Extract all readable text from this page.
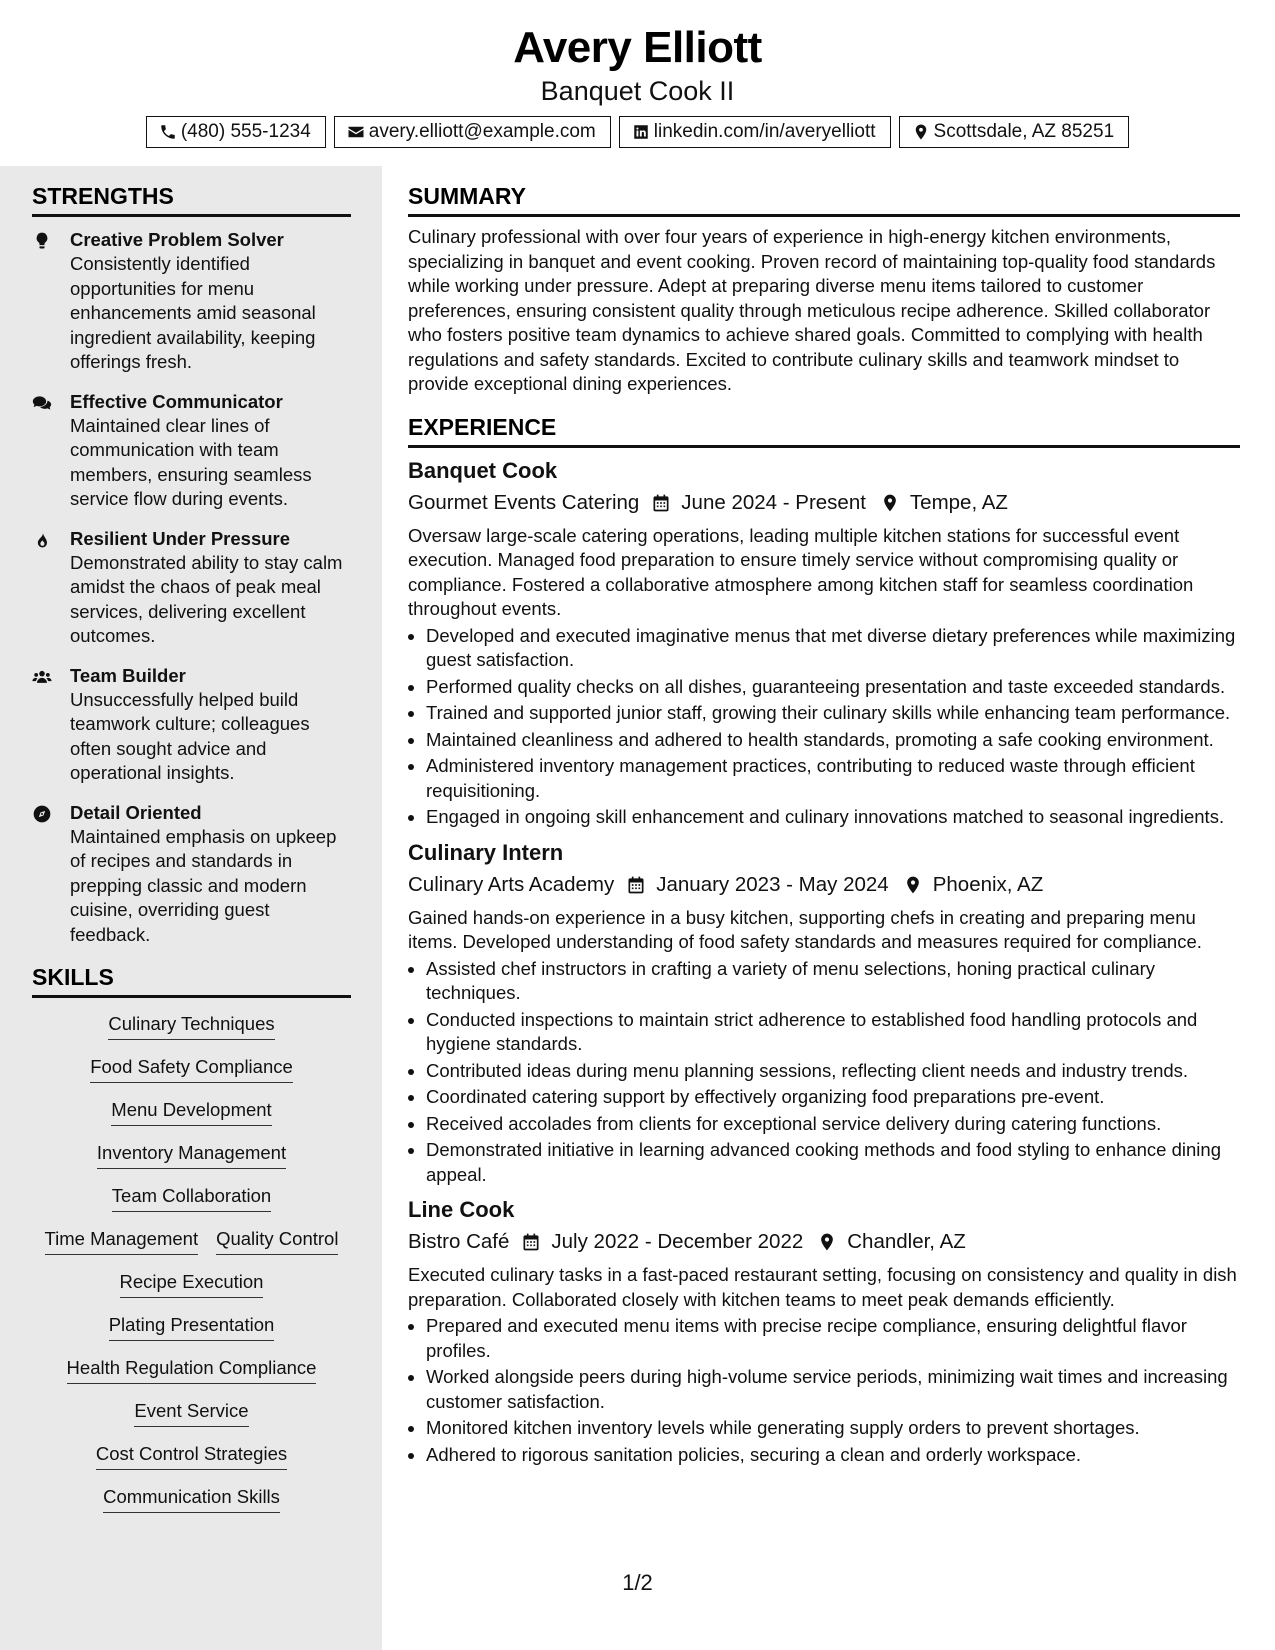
Avery Elliott
Banquet Cook II
(480) 555-1234	avery.elliott@example.com	linkedin.com/in/averyelliott	Scottsdale, AZ 85251
STRENGTHS
Creative Problem Solver
Consistently identified opportunities for menu enhancements amid seasonal ingredient availability, keeping offerings fresh.
Effective Communicator
Maintained clear lines of communication with team members, ensuring seamless service flow during events.
Resilient Under Pressure
Demonstrated ability to stay calm amidst the chaos of peak meal services, delivering excellent outcomes.
Team Builder
Unsuccessfully helped build teamwork culture; colleagues often sought advice and operational insights.
Detail Oriented
Maintained emphasis on upkeep of recipes and standards in prepping classic and modern cuisine, overriding guest feedback.
SKILLS
Culinary Techniques
Food Safety Compliance
Menu Development
Inventory Management
Team Collaboration
Time Management Quality Control
Recipe Execution
Plating Presentation
Health Regulation Compliance
Event Service
Cost Control Strategies
Communication Skills
SUMMARY
Culinary professional with over four years of experience in high-energy kitchen environments, specializing in banquet and event cooking. Proven record of maintaining top-quality food standards while working under pressure. Adept at preparing diverse menu items tailored to customer preferences, ensuring consistent quality through meticulous recipe adherence. Skilled collaborator who fosters positive team dynamics to achieve shared goals. Committed to complying with health regulations and safety standards. Excited to contribute culinary skills and teamwork mindset to provide exceptional dining experiences.
EXPERIENCE
Banquet Cook
Gourmet Events Catering June 2024 - Present Tempe, AZ
Oversaw large-scale catering operations, leading multiple kitchen stations for successful event execution. Managed food preparation to ensure timely service without compromising quality or compliance. Fostered a collaborative atmosphere among kitchen staff for seamless coordination throughout events.
• Developed and executed imaginative menus that met diverse dietary preferences while maximizing guest satisfaction.
• Performed quality checks on all dishes, guaranteeing presentation and taste exceeded standards.
• Trained and supported junior staff, growing their culinary skills while enhancing team performance.
• Maintained cleanliness and adhered to health standards, promoting a safe cooking environment.
• Administered inventory management practices, contributing to reduced waste through efficient requisitioning.
• Engaged in ongoing skill enhancement and culinary innovations matched to seasonal ingredients.
Culinary Intern
Culinary Arts Academy January 2023 - May 2024 Phoenix, AZ
Gained hands-on experience in a busy kitchen, supporting chefs in creating and preparing menu items. Developed understanding of food safety standards and measures required for compliance.
• Assisted chef instructors in crafting a variety of menu selections, honing practical culinary techniques.
• Conducted inspections to maintain strict adherence to established food handling protocols and hygiene standards.
• Contributed ideas during menu planning sessions, reflecting client needs and industry trends.
• Coordinated catering support by effectively organizing food preparations pre-event.
• Received accolades from clients for exceptional service delivery during catering functions.
• Demonstrated initiative in learning advanced cooking methods and food styling to enhance dining appeal.
Line Cook
Bistro Café July 2022 - December 2022 Chandler, AZ
Executed culinary tasks in a fast-paced restaurant setting, focusing on consistency and quality in dish preparation. Collaborated closely with kitchen teams to meet peak demands efficiently.
• Prepared and executed menu items with precise recipe compliance, ensuring delightful flavor profiles.
• Worked alongside peers during high-volume service periods, minimizing wait times and increasing customer satisfaction.
• Monitored kitchen inventory levels while generating supply orders to prevent shortages.
• Adhered to rigorous sanitation policies, securing a clean and orderly workspace.
1/2
